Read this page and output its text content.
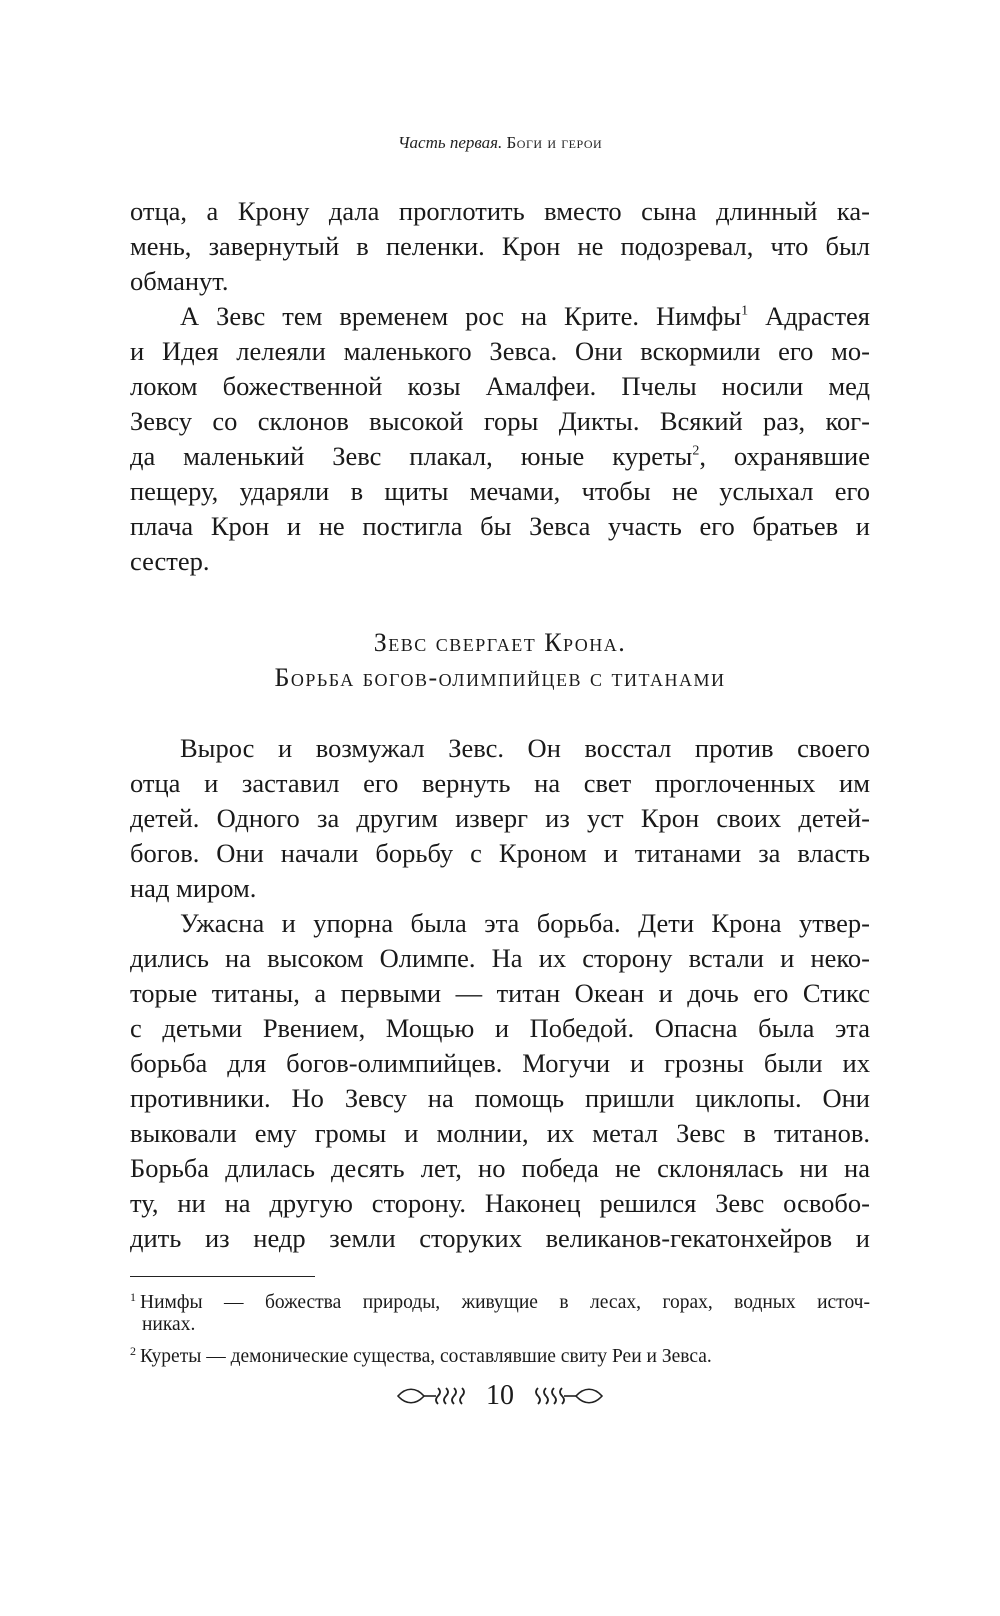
Часть первая. Боги и герои
отца, а Крону дала проглотить вместо сына длинный ка-
мень, завернутый в пеленки. Крон не подозревал, что был
обманут.
А Зевс тем временем рос на Крите. Нимфы$^1$ Адрастея
и Идея лелеяли маленького Зевса. Они вскормили его мо-
локом божественной козы Амалфеи. Пчелы носили мед
Зевсу со склонов высокой горы Дикты. Всякий раз, ког-
да маленький Зевс плакал, юные куреты$^2$, охранявшие
пещеру, ударяли в щиты мечами, чтобы не услыхал его
плача Крон и не постигла бы Зевса участь его братьев и
сестер.
Зевс свергает Крона.
Борьба богов-олимпийцев с титанами
Вырос и возмужал Зевс. Он восстал против своего
отца и заставил его вернуть на свет проглоченных им
детей. Одного за другим изверг из уст Крон своих детей-
богов. Они начали борьбу с Кроном и титанами за власть
над миром.
Ужасна и упорна была эта борьба. Дети Крона утвер-
дились на высоком Олимпе. На их сторону встали и неко-
торые титаны, а первыми — титан Океан и дочь его Стикс
с детьми Рвением, Мощью и Победой. Опасна была эта
борьба для богов-олимпийцев. Могучи и грозны были их
противники. Но Зевсу на помощь пришли циклопы. Они
выковали ему громы и молнии, их метал Зевс в титанов.
Борьба длилась десять лет, но победа не склонялась ни на
ту, ни на другую сторону. Наконец решился Зевс освобо-
дить из недр земли сторуких великанов-гекатонхейров и
$^1$ Нимфы — божества природы, живущие в лесах, горах, водных источ-
никах.
$^2$ Куреты — демонические существа, составлявшие свиту Реи и Зевса.
10
